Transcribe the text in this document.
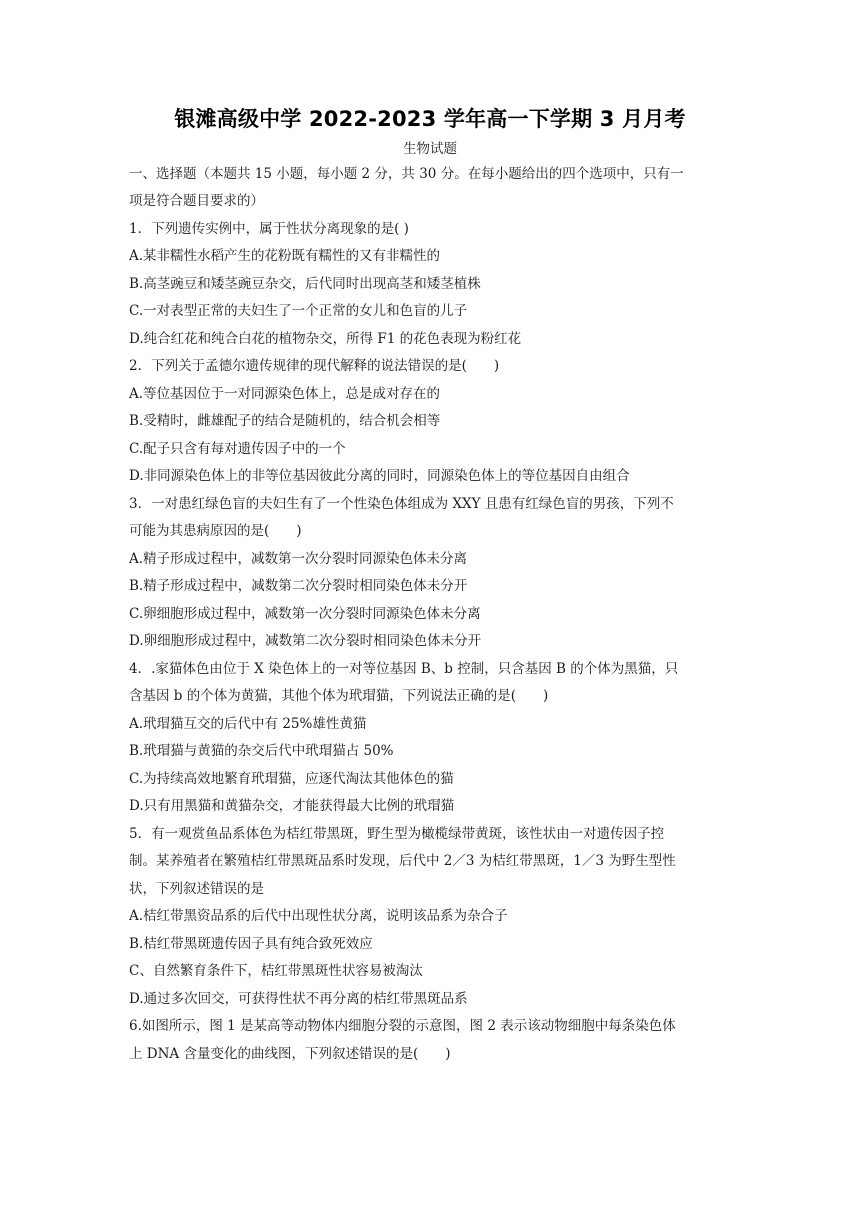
银滩高级中学 2022-2023 学年高一下学期 3 月月考
生物试题
一、选择题（本题共 15 小题，每小题 2 分，共 30 分。在每小题给出的四个选项中，只有一
项是符合题目要求的）
1．下列遗传实例中，属于性状分离现象的是( )
A.某非糯性水稻产生的花粉既有糯性的又有非糯性的
B.高茎豌豆和矮茎豌豆杂交，后代同时出现高茎和矮茎植株
C.一对表型正常的夫妇生了一个正常的女儿和色盲的儿子
D.纯合红花和纯合白花的植物杂交，所得 F1 的花色表现为粉红花
2．下列关于孟德尔遗传规律的现代解释的说法错误的是(　　)
A.等位基因位于一对同源染色体上，总是成对存在的
B.受精时，雌雄配子的结合是随机的，结合机会相等
C.配子只含有每对遗传因子中的一个
D.非同源染色体上的非等位基因彼此分离的同时，同源染色体上的等位基因自由组合
3．一对患红绿色盲的夫妇生有了一个性染色体组成为 XXY 且患有红绿色盲的男孩，下列不
可能为其患病原因的是(　　)
A.精子形成过程中，减数第一次分裂时同源染色体未分离
B.精子形成过程中，减数第二次分裂时相同染色体未分开
C.卵细胞形成过程中，减数第一次分裂时同源染色体未分离
D.卵细胞形成过程中，减数第二次分裂时相同染色体未分开
4．.家猫体色由位于 X 染色体上的一对等位基因 B、b 控制，只含基因 B 的个体为黑猫，只
含基因 b 的个体为黄猫，其他个体为玳瑁猫，下列说法正确的是(　　)
A.玳瑁猫互交的后代中有 25%雄性黄猫
B.玳瑁猫与黄猫的杂交后代中玳瑁猫占 50%
C.为持续高效地繁育玳瑁猫，应逐代淘汰其他体色的猫
D.只有用黑猫和黄猫杂交，才能获得最大比例的玳瑁猫
5．有一观赏鱼品系体色为桔红带黑斑，野生型为橄榄绿带黄斑，该性状由一对遗传因子控
制。某养殖者在繁殖桔红带黑斑品系时发现，后代中 2／3 为桔红带黑斑，1／3 为野生型性
状，下列叙述错误的是
A.桔红带黑资品系的后代中出现性状分离，说明该品系为杂合子
B.桔红带黑斑遗传因子具有纯合致死效应
C、自然繁育条件下，桔红带黑斑性状容易被淘汰
D.通过多次回交，可获得性状不再分离的桔红带黑斑品系
6.如图所示，图 1 是某高等动物体内细胞分裂的示意图，图 2 表示该动物细胞中每条染色体
上 DNA 含量变化的曲线图，下列叙述错误的是(　　)
